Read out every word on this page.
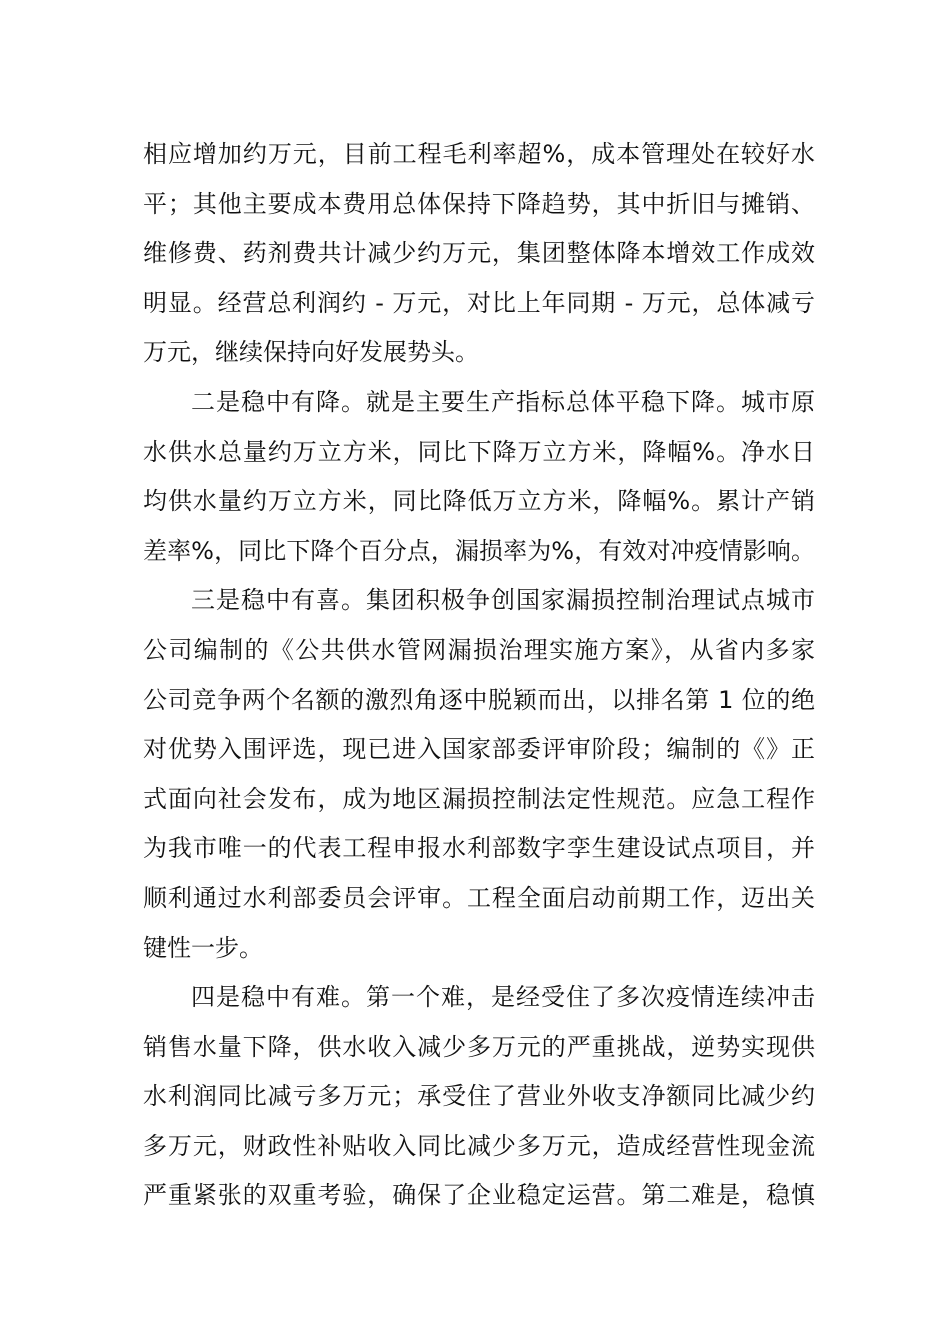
相应增加约万元，目前工程毛利率超%，成本管理处在较好水
平；其他主要成本费用总体保持下降趋势，其中折旧与摊销、
维修费、药剂费共计减少约万元，集团整体降本增效工作成效
明显。经营总利润约 - 万元，对比上年同期 - 万元，总体减亏
万元，继续保持向好发展势头。
二是稳中有降。就是主要生产指标总体平稳下降。城市原
水供水总量约万立方米，同比下降万立方米，降幅%。净水日
均供水量约万立方米，同比降低万立方米，降幅%。累计产销
差率%，同比下降个百分点，漏损率为%，有效对冲疫情影响。
三是稳中有喜。集团积极争创国家漏损控制治理试点城市
公司编制的《公共供水管网漏损治理实施方案》，从省内多家
公司竞争两个名额的激烈角逐中脱颖而出，以排名第 1 位的绝
对优势入围评选，现已进入国家部委评审阶段；编制的《》正
式面向社会发布，成为地区漏损控制法定性规范。应急工程作
为我市唯一的代表工程申报水利部数字孪生建设试点项目，并
顺利通过水利部委员会评审。工程全面启动前期工作，迈出关
键性一步。
四是稳中有难。第一个难，是经受住了多次疫情连续冲击
销售水量下降，供水收入减少多万元的严重挑战，逆势实现供
水利润同比减亏多万元；承受住了营业外收支净额同比减少约
多万元，财政性补贴收入同比减少多万元，造成经营性现金流
严重紧张的双重考验，确保了企业稳定运营。第二难是，稳慎
